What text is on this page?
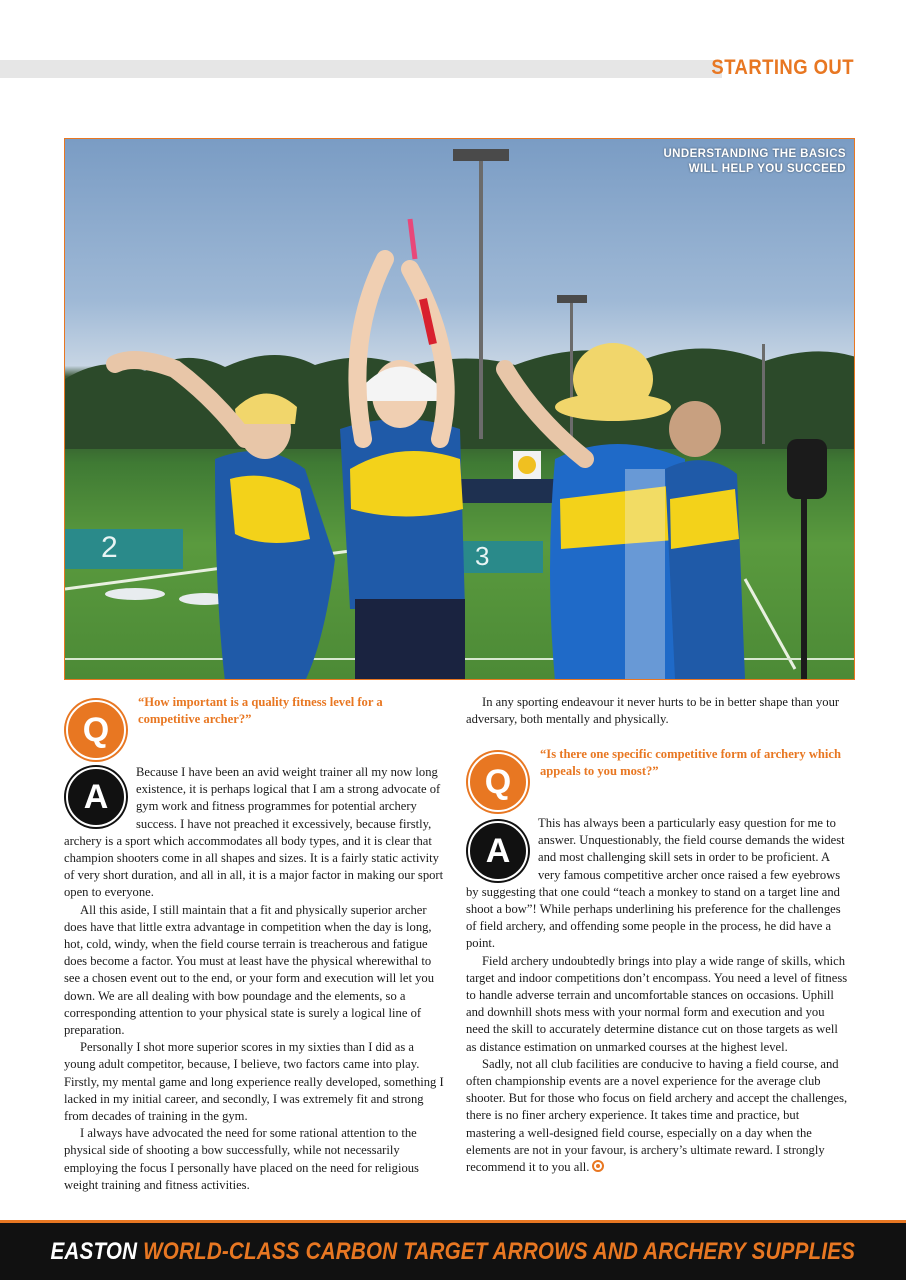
STARTING OUT
UNDERSTANDING THE BASICS
WILL HELP YOU SUCCEED
2	3
Q
“How important is a quality fitness level for a competitive archer?”
A

Because I have been an avid weight trainer all my now long existence, it is perhaps logical that I am a strong advocate of gym work and fitness programmes for potential archery success. I have not preached it excessively, because firstly, archery is a sport which accommodates all body types, and it is clear that champion shooters come in all shapes and sizes. It is a fairly static activity of very short duration, and all in all, it is a major factor in making our sport open to everyone.

All this aside, I still maintain that a fit and physically superior archer does have that little extra advantage in competition when the day is long, hot, cold, windy, when the field course terrain is treacherous and fatigue does become a factor. You must at least have the physical wherewithal to see a chosen event out to the end, or your form and execution will let you down. We are all dealing with bow poundage and the elements, so a corresponding attention to your physical state is surely a logical line of preparation.

Personally I shot more superior scores in my sixties than I did as a young adult competitor, because, I believe, two factors came into play. Firstly, my mental game and long experience really developed, something I lacked in my initial career, and secondly, I was extremely fit and strong from decades of training in the gym.

I always have advocated the need for some rational attention to the physical side of shooting a bow successfully, while not necessarily employing the focus I personally have placed on the need for religious weight training and fitness activities.

In any sporting endeavour it never hurts to be in better shape than your adversary, both mentally and physically.

Q
“Is there one specific competitive form of archery which appeals to you most?”
A

This has always been a particularly easy question for me to answer. Unquestionably, the field course demands the widest and most challenging skill sets in order to be proficient. A very famous competitive archer once raised a few eyebrows by suggesting that one could “teach a monkey to stand on a target line and shoot a bow”! While perhaps underlining his preference for the challenges of field archery, and offending some people in the process, he did have a point.

Field archery undoubtedly brings into play a wide range of skills, which target and indoor competitions don’t encompass. You need a level of fitness to handle adverse terrain and uncomfortable stances on occasions. Uphill and downhill shots mess with your normal form and execution and you need the skill to accurately determine distance cut on those targets as well as distance estimation on unmarked courses at the highest level.

Sadly, not all club facilities are conducive to having a field course, and often championship events are a novel experience for the average club shooter. But for those who focus on field archery and accept the challenges, there is no finer archery experience. It takes time and practice, but mastering a well-designed field course, especially on a day when the elements are not in your favour, is archery’s ultimate reward. I strongly recommend it to you all.

EASTON WORLD-CLASS CARBON TARGET ARROWS AND ARCHERY SUPPLIES
